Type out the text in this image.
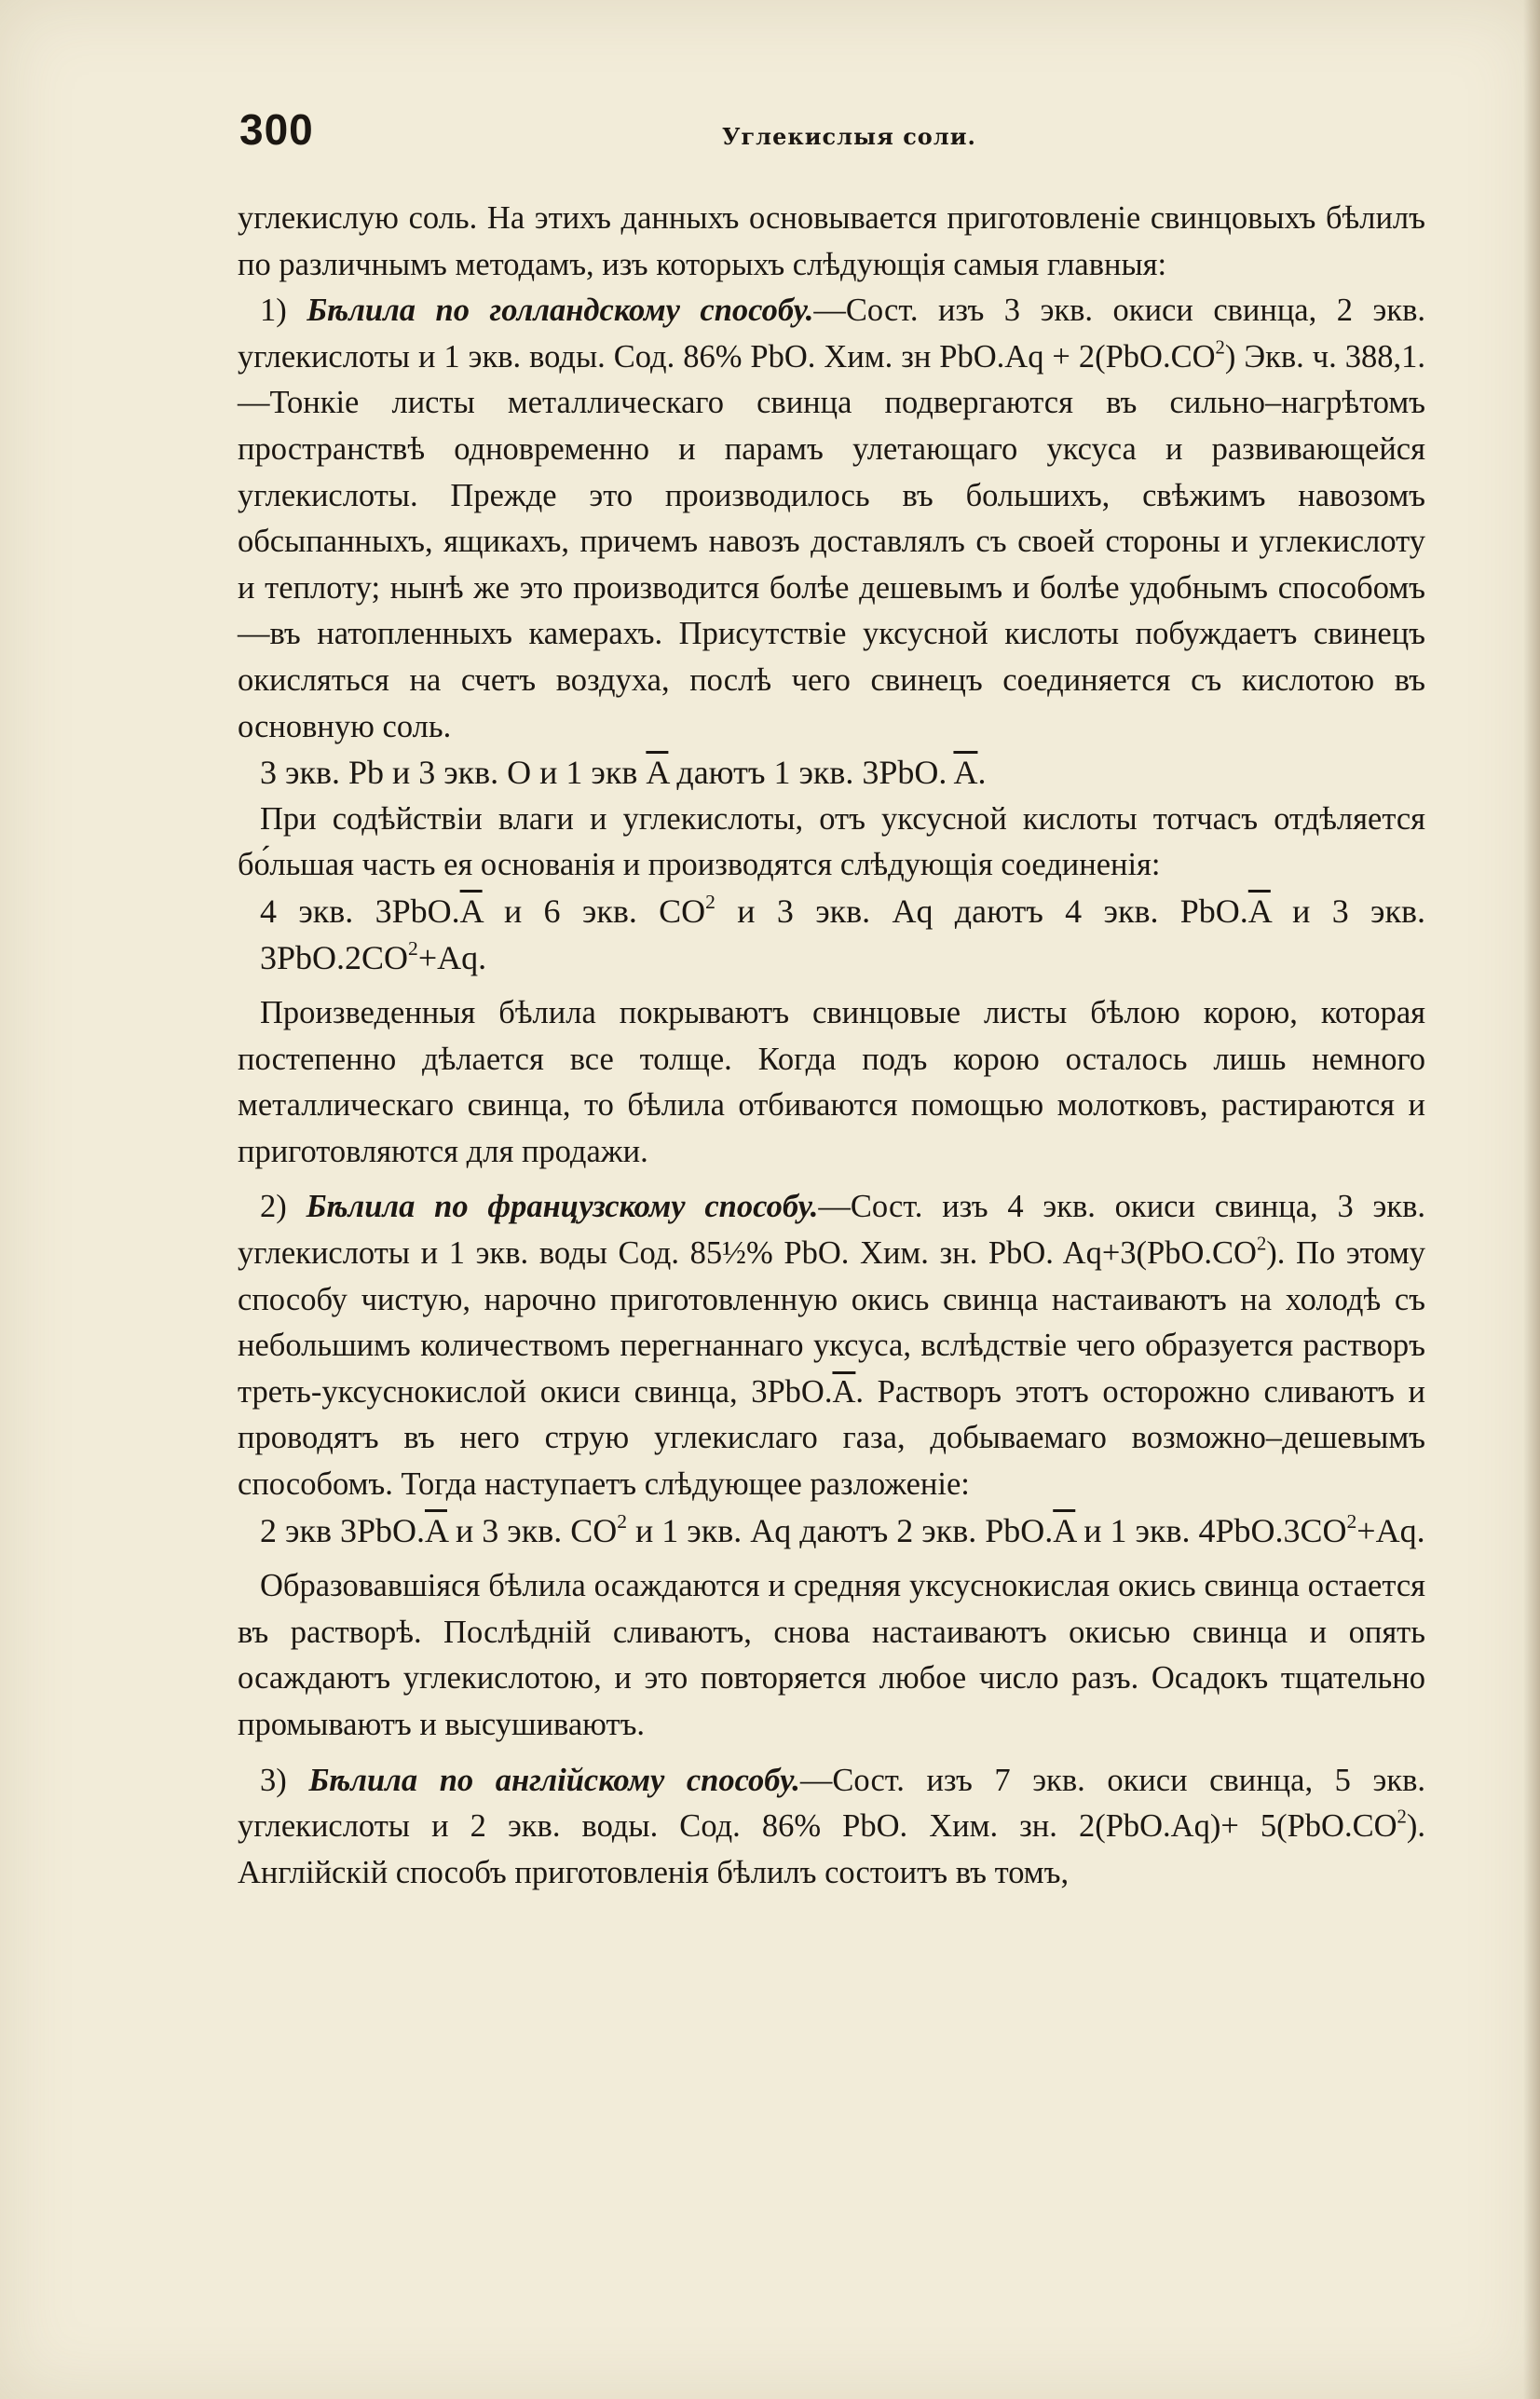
300	Углекислыя соли.

углекислую соль. На этихъ данныхъ основывается приготовленіе свинцовыхъ бѣлилъ по различнымъ методамъ, изъ которыхъ слѣдующія самыя главныя:

1) Бѣлила по голландскому способу.—Сост. изъ 3 экв. окиси свинца, 2 экв. углекислоты и 1 экв. воды. Сод. 86% PbO. Хим. зн $PbO.Aq + 2(PbO.CO^2)$ Экв. ч. 388,1.—Тонкіе листы металлическаго свинца подвергаются въ сильно–нагрѣтомъ пространствѣ одновременно и парамъ улетающаго уксуса и развивающейся углекислоты. Прежде это производилось въ большихъ, свѣжимъ навозомъ обсыпанныхъ, ящикахъ, причемъ навозъ доставлялъ съ своей стороны и углекислоту и теплоту; нынѣ же это производится болѣе дешевымъ и болѣе удобнымъ способомъ—въ натопленныхъ камерахъ. Присутствіе уксусной кислоты побуждаетъ свинецъ окисляться на счетъ воздуха, послѣ чего свинецъ соединяется съ кислотою въ основную соль.

3 экв. Pb и 3 экв. O и 1 экв $\overline{A}$ даютъ 1 экв. 3PbO. $\overline{A}$.

При содѣйствіи влаги и углекислоты, отъ уксусной кислоты тотчасъ отдѣляется бо́льшая часть ея основанія и производятся слѣдующія соединенія:

4 экв. $3PbO.\overline{A}$ и 6 экв. $CO^2$ и 3 экв. Aq даютъ 4 экв. $PbO.\overline{A}$ и 3 экв. $3PbO.2CO^2+Aq$.

Произведенныя бѣлила покрываютъ свинцовые листы бѣлою корою, которая постепенно дѣлается все толще. Когда подъ корою осталось лишь немного металлическаго свинца, то бѣлила отбиваются помощью молотковъ, растираются и приготовляются для продажи.

2) Бѣлила по французскому способу.—Сост. изъ 4 экв. окиси свинца, 3 экв. углекислоты и 1 экв. воды Сод. 85½% PbO. Хим. зн. PbO. $Aq+3(PbO.CO^2)$. По этому способу чистую, нарочно приготовленную окись свинца настаиваютъ на холодѣ съ небольшимъ количествомъ перегнаннаго уксуса, вслѣдствіе чего образуется растворъ треть-уксуснокислой окиси свинца, $3PbO.\overline{A}$. Растворъ этотъ осторожно сливаютъ и проводятъ въ него струю углекислаго газа, добываемаго возможно–дешевымъ способомъ. Тогда наступаетъ слѣдующее разложеніе:

2 экв $3PbO.\overline{A}$ и 3 экв. $CO^2$ и 1 экв. Aq даютъ 2 экв. $PbO.\overline{A}$ и 1 экв. $4PbO.3CO^2+Aq$.

Образовавшіяся бѣлила осаждаются и средняя уксуснокислая окись свинца остается въ растворѣ. Послѣдній сливаютъ, снова настаиваютъ окисью свинца и опять осаждаютъ углекислотою, и это повторяется любое число разъ. Осадокъ тщательно промываютъ и высушиваютъ.

3) Бѣлила по англійскому способу.—Сост. изъ 7 экв. окиси свинца, 5 экв. углекислоты и 2 экв. воды. Сод. 86% PbO. Хим. зн. $2(PbO.Aq)+ 5(PbO.CO^2)$. Англійскій способъ приготовленія бѣлилъ состоитъ въ томъ,
